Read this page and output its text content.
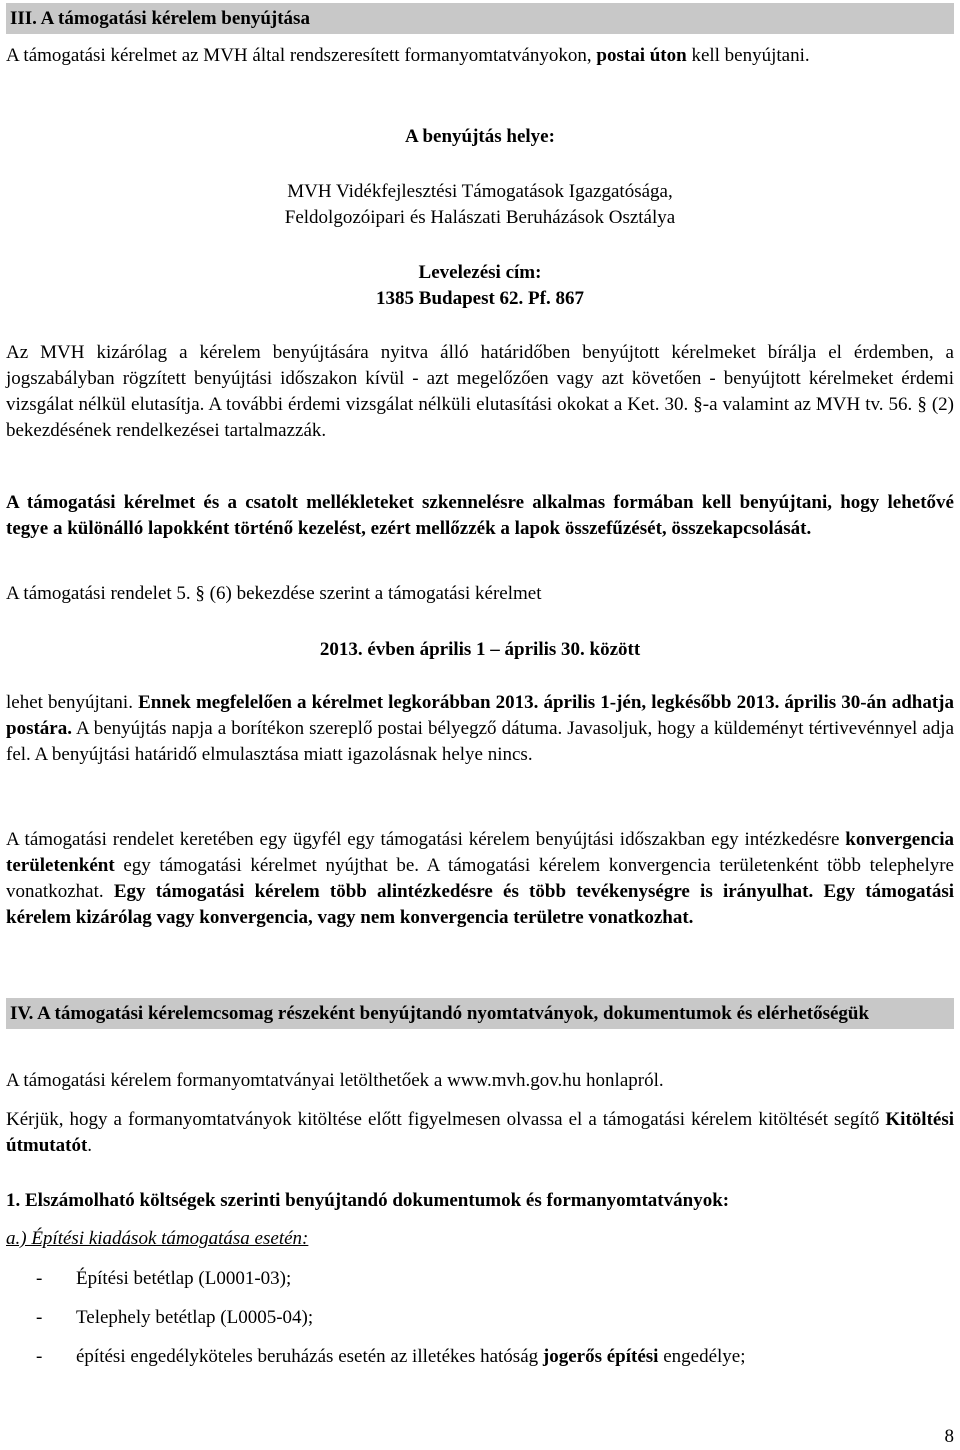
III. A támogatási kérelem benyújtása

A támogatási kérelmet az MVH által rendszeresített formanyomtatványokon, postai úton kell benyújtani.

A benyújtás helye:

MVH Vidékfejlesztési Támogatások Igazgatósága,

Feldolgozóipari és Halászati Beruházások Osztálya

Levelezési cím:

1385 Budapest 62. Pf. 867

Az MVH kizárólag a kérelem benyújtására nyitva álló határidőben benyújtott kérelmeket bírálja el érdemben, a jogszabályban rögzített benyújtási időszakon kívül - azt megelőzően vagy azt követően - benyújtott kérelmeket érdemi vizsgálat nélkül elutasítja. A további érdemi vizsgálat nélküli elutasítási okokat a Ket. 30. §-a valamint az MVH tv. 56. § (2) bekezdésének rendelkezései tartalmazzák.

A támogatási kérelmet és a csatolt mellékleteket szkennelésre alkalmas formában kell benyújtani, hogy lehetővé tegye a különálló lapokként történő kezelést, ezért mellőzzék a lapok összefűzését, összekapcsolását.

A támogatási rendelet 5. § (6) bekezdése szerint a támogatási kérelmet

2013. évben április 1 – április 30. között

lehet benyújtani. Ennek megfelelően a kérelmet legkorábban 2013. április 1-jén, legkésőbb 2013. április 30-án adhatja postára. A benyújtás napja a borítékon szereplő postai bélyegző dátuma. Javasoljuk, hogy a küldeményt tértivevénnyel adja fel. A benyújtási határidő elmulasztása miatt igazolásnak helye nincs.

A támogatási rendelet keretében egy ügyfél egy támogatási kérelem benyújtási időszakban egy intézkedésre konvergencia területenként egy támogatási kérelmet nyújthat be. A támogatási kérelem konvergencia területenként több telephelyre vonatkozhat. Egy támogatási kérelem több alintézkedésre és több tevékenységre is irányulhat. Egy támogatási kérelem kizárólag vagy konvergencia, vagy nem konvergencia területre vonatkozhat.

IV. A támogatási kérelemcsomag részeként benyújtandó nyomtatványok, dokumentumok és elérhetőségük

A támogatási kérelem formanyomtatványai letölthetőek a www.mvh.gov.hu honlapról.

Kérjük, hogy a formanyomtatványok kitöltése előtt figyelmesen olvassa el a támogatási kérelem kitöltését segítő Kitöltési útmutatót.

1. Elszámolható költségek szerinti benyújtandó dokumentumok és formanyomtatványok:

a.) Építési kiadások támogatása esetén:

- Építési betétlap (L0001-03);
- Telephely betétlap (L0005-04);
- építési engedélyköteles beruházás esetén az illetékes hatóság jogerős építési engedélye;
8
